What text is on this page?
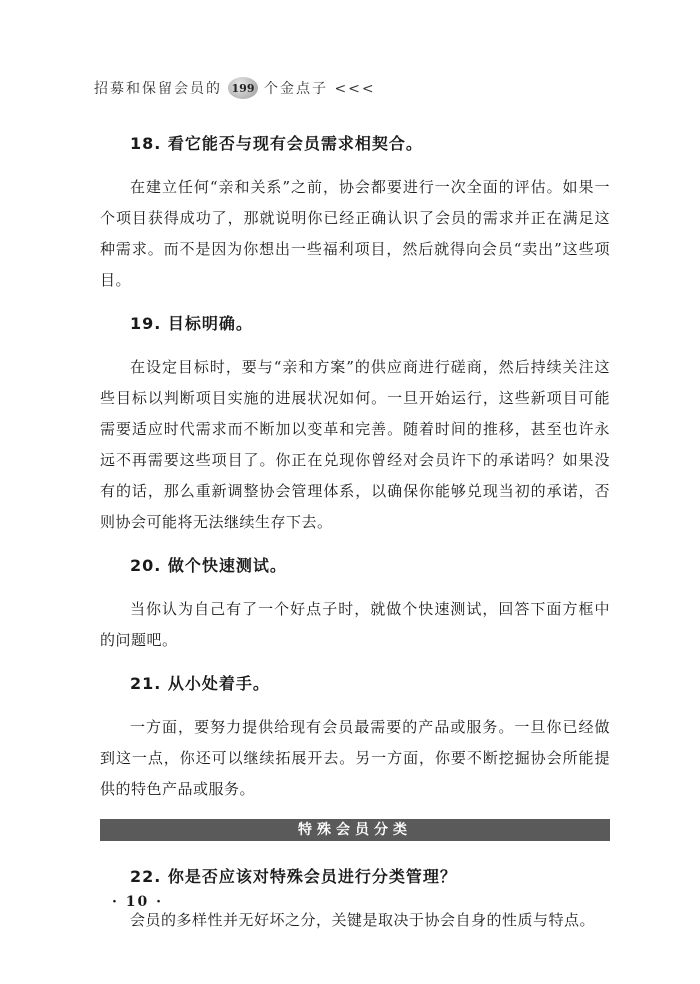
招募和保留会员的 199 个金点子 <<<
18. 看它能否与现有会员需求相契合。

在建立任何“亲和关系”之前，协会都要进行一次全面的评估。如果一个项目获得成功了，那就说明你已经正确认识了会员的需求并正在满足这种需求。而不是因为你想出一些福利项目，然后就得向会员“卖出”这些项目。

19. 目标明确。

在设定目标时，要与“亲和方案”的供应商进行磋商，然后持续关注这些目标以判断项目实施的进展状况如何。一旦开始运行，这些新项目可能需要适应时代需求而不断加以变革和完善。随着时间的推移，甚至也许永远不再需要这些项目了。你正在兑现你曾经对会员许下的承诺吗？如果没有的话，那么重新调整协会管理体系，以确保你能够兑现当初的承诺，否则协会可能将无法继续生存下去。

20. 做个快速测试。

当你认为自己有了一个好点子时，就做个快速测试，回答下面方框中的问题吧。

21. 从小处着手。

一方面，要努力提供给现有会员最需要的产品或服务。一旦你已经做到这一点，你还可以继续拓展开去。另一方面，你要不断挖掘协会所能提供的特色产品或服务。

特殊会员分类
22. 你是否应该对特殊会员进行分类管理？

会员的多样性并无好坏之分，关键是取决于协会自身的性质与特点。

· 10 ·
